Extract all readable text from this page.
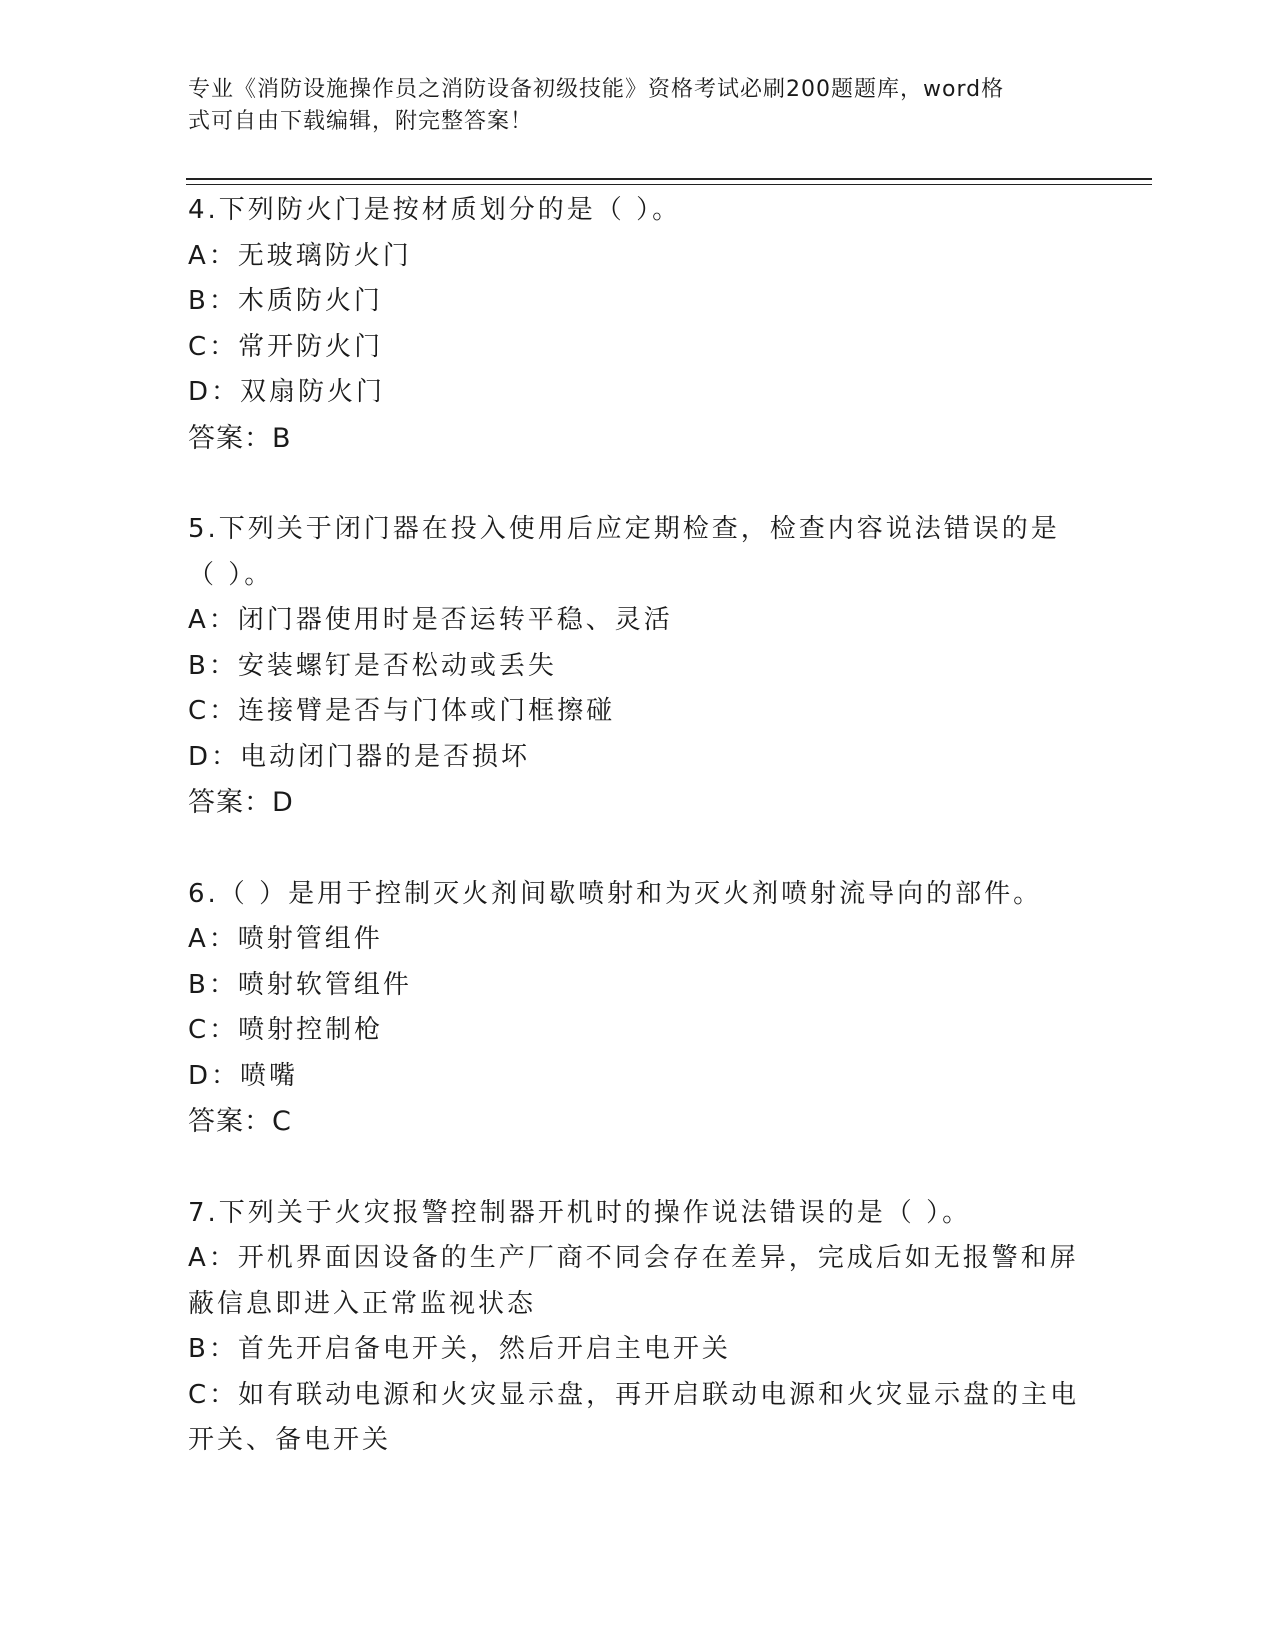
专业《消防设施操作员之消防设备初级技能》资格考试必刷200题题库，word格
式可自由下载编辑，附完整答案！
4.下列防火门是按材质划分的是（ ）。
A：无玻璃防火门
B：木质防火门
C：常开防火门
D：双扇防火门
答案：B
5.下列关于闭门器在投入使用后应定期检查，检查内容说法错误的是
（ ）。
A：闭门器使用时是否运转平稳、灵活
B：安装螺钉是否松动或丢失
C：连接臂是否与门体或门框擦碰
D：电动闭门器的是否损坏
答案：D
6.（ ）是用于控制灭火剂间歇喷射和为灭火剂喷射流导向的部件。
A：喷射管组件
B：喷射软管组件
C：喷射控制枪
D：喷嘴
答案：C
7.下列关于火灾报警控制器开机时的操作说法错误的是（ ）。
A：开机界面因设备的生产厂商不同会存在差异，完成后如无报警和屏
蔽信息即进入正常监视状态
B：首先开启备电开关，然后开启主电开关
C：如有联动电源和火灾显示盘，再开启联动电源和火灾显示盘的主电
开关、备电开关
